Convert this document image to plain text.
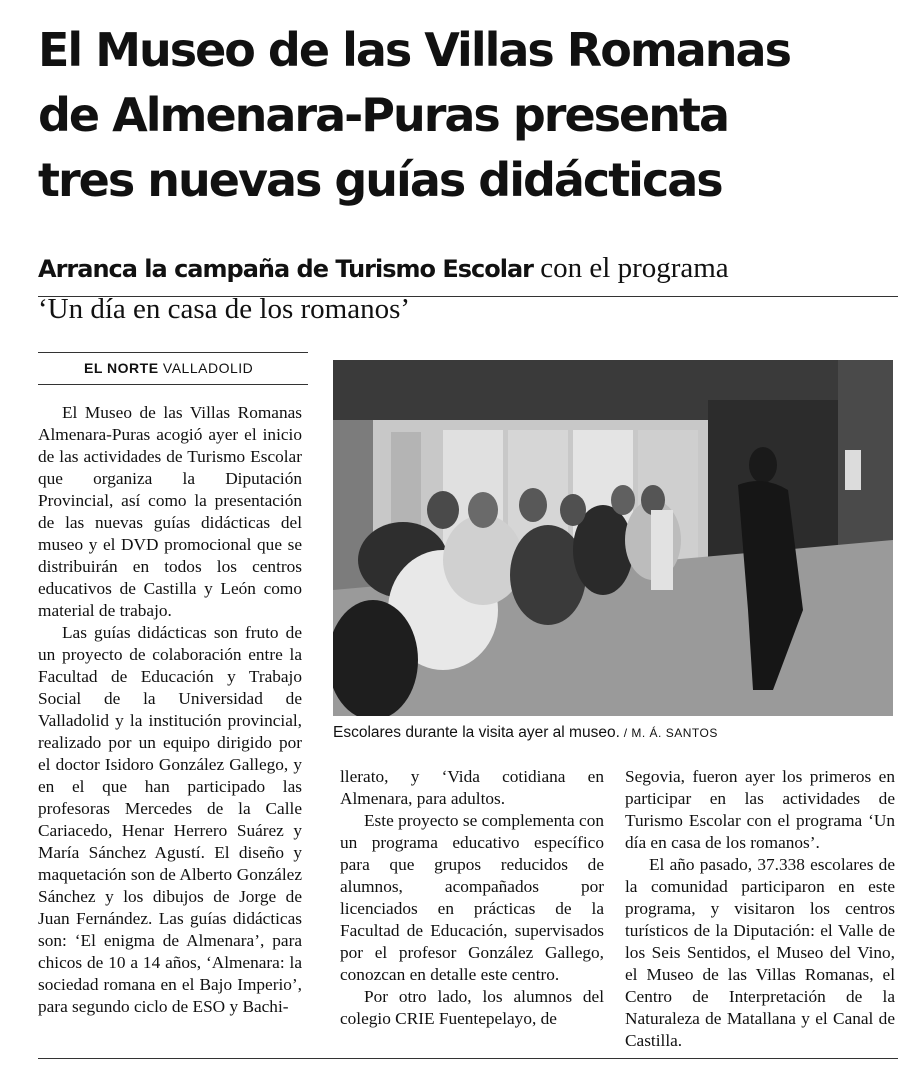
El Museo de las Villas Romanas
de Almenara-Puras presenta
tres nuevas guías didácticas
Arranca la campaña de Turismo Escolar con el programa
‘Un día en casa de los romanos’
EL NORTE VALLADOLID

El Museo de las Villas Romanas Almenara-Puras acogió ayer el inicio de las actividades de Turismo Escolar que organiza la Diputación Provincial, así como la presentación de las nuevas guías didácticas del museo y el DVD promocional que se distribuirán en todos los centros educativos de Castilla y León como material de trabajo.

Las guías didácticas son fruto de un proyecto de colaboración entre la Facultad de Educación y Trabajo Social de la Universidad de Valladolid y la institución provincial, realizado por un equipo dirigido por el doctor Isidoro González Gallego, y en el que han participado las profesoras Mercedes de la Calle Cariacedo, Henar Herrero Suárez y María Sánchez Agustí. El diseño y maquetación son de Alberto González Sánchez y los dibujos de Jorge de Juan Fernández. Las guías didácticas son: ‘El enigma de Almenara’, para chicos de 10 a 14 años, ‘Almenara: la sociedad romana en el Bajo Imperio’, para segundo ciclo de ESO y Bachi-

Escolares durante la visita ayer al museo. / M. Á. SANTOS

llerato, y ‘Vida cotidiana en Almenara, para adultos.

Este proyecto se complementa con un programa educativo específico para que grupos reducidos de alumnos, acompañados por licenciados en prácticas de la Facultad de Educación, supervisados por el profesor González Gallego, conozcan en detalle este centro.

Por otro lado, los alumnos del colegio CRIE Fuentepelayo, de

Segovia, fueron ayer los primeros en participar en las actividades de Turismo Escolar con el programa ‘Un día en casa de los romanos’.

El año pasado, 37.338 escolares de la comunidad participaron en este programa, y visitaron los centros turísticos de la Diputación: el Valle de los Seis Sentidos, el Museo del Vino, el Museo de las Villas Romanas, el Centro de Interpretación de la Naturaleza de Matallana y el Canal de Castilla.
